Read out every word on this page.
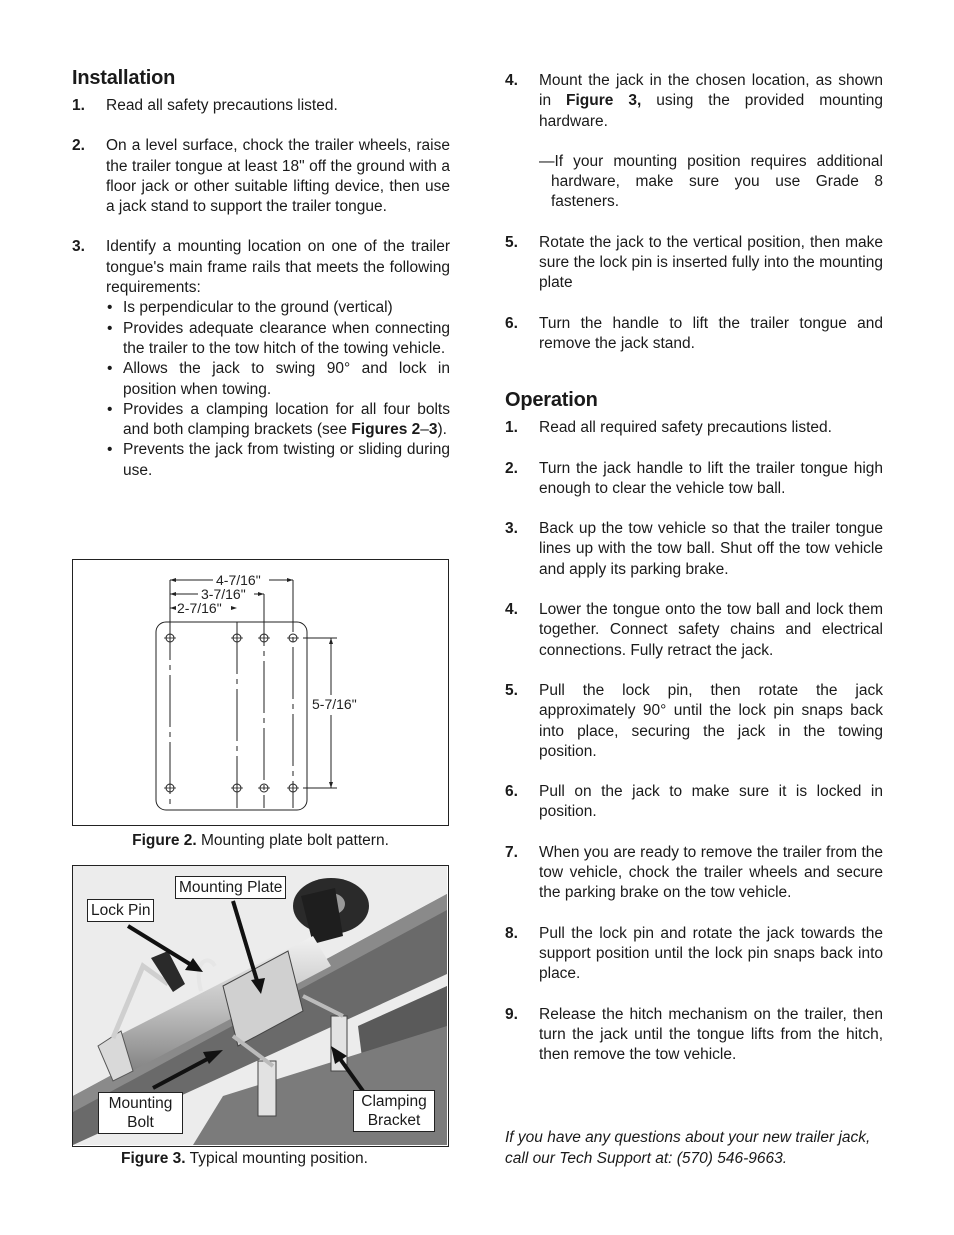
Installation
1.	Read all safety precautions listed.
2.	On a level surface, chock the trailer wheels, raise the trailer tongue at least 18" off the ground with a floor jack or other suitable lifting device, then use a jack stand to support the trailer tongue.
3.	Identify a mounting location on one of the trailer tongue's main frame rails that meets the following requirements:
• Is perpendicular to the ground (vertical)
• Provides adequate clearance when connecting the trailer to the tow hitch of the towing vehicle.
• Allows the jack to swing 90° and lock in position when towing.
• Provides a clamping location for all four bolts and both clamping brackets (see Figures 2–3).
• Prevents the jack from twisting or sliding during use.
4-7/16"
3-7/16"
2-7/16"
5-7/16"
Figure 2. Mounting plate bolt pattern.
Lock Pin
Mounting Plate
Mounting
Bolt
Clamping
Bracket
Figure 3. Typical mounting position.
4.	Mount the jack in the chosen location, as shown in Figure 3, using the provided mounting hardware.
—If your mounting position requires additional hardware, make sure you use Grade 8 fasteners.
5.	Rotate the jack to the vertical position, then make sure the lock pin is inserted fully into the mounting plate
6.	Turn the handle to lift the trailer tongue and remove the jack stand.
Operation
1.	Read all required safety precautions listed.
2.	Turn the jack handle to lift the trailer tongue high enough to clear the vehicle tow ball.
3.	Back up the tow vehicle so that the trailer tongue lines up with the tow ball. Shut off the tow vehicle and apply its parking brake.
4.	Lower the tongue onto the tow ball and lock them together. Connect safety chains and electrical connections. Fully retract the jack.
5.	Pull the lock pin, then rotate the jack approximately 90° until the lock pin snaps back into place, securing the jack in the towing position.
6.	Pull on the jack to make sure it is locked in position.
7.	When you are ready to remove the trailer from the tow vehicle, chock the trailer wheels and secure the parking brake on the tow vehicle.
8.	Pull the lock pin and rotate the jack towards the support position until the lock pin snaps back into place.
9.	Release the hitch mechanism on the trailer, then turn the jack until the tongue lifts from the hitch, then remove the tow vehicle.
If you have any questions about your new trailer jack, call our Tech Support at: (570) 546-9663.
